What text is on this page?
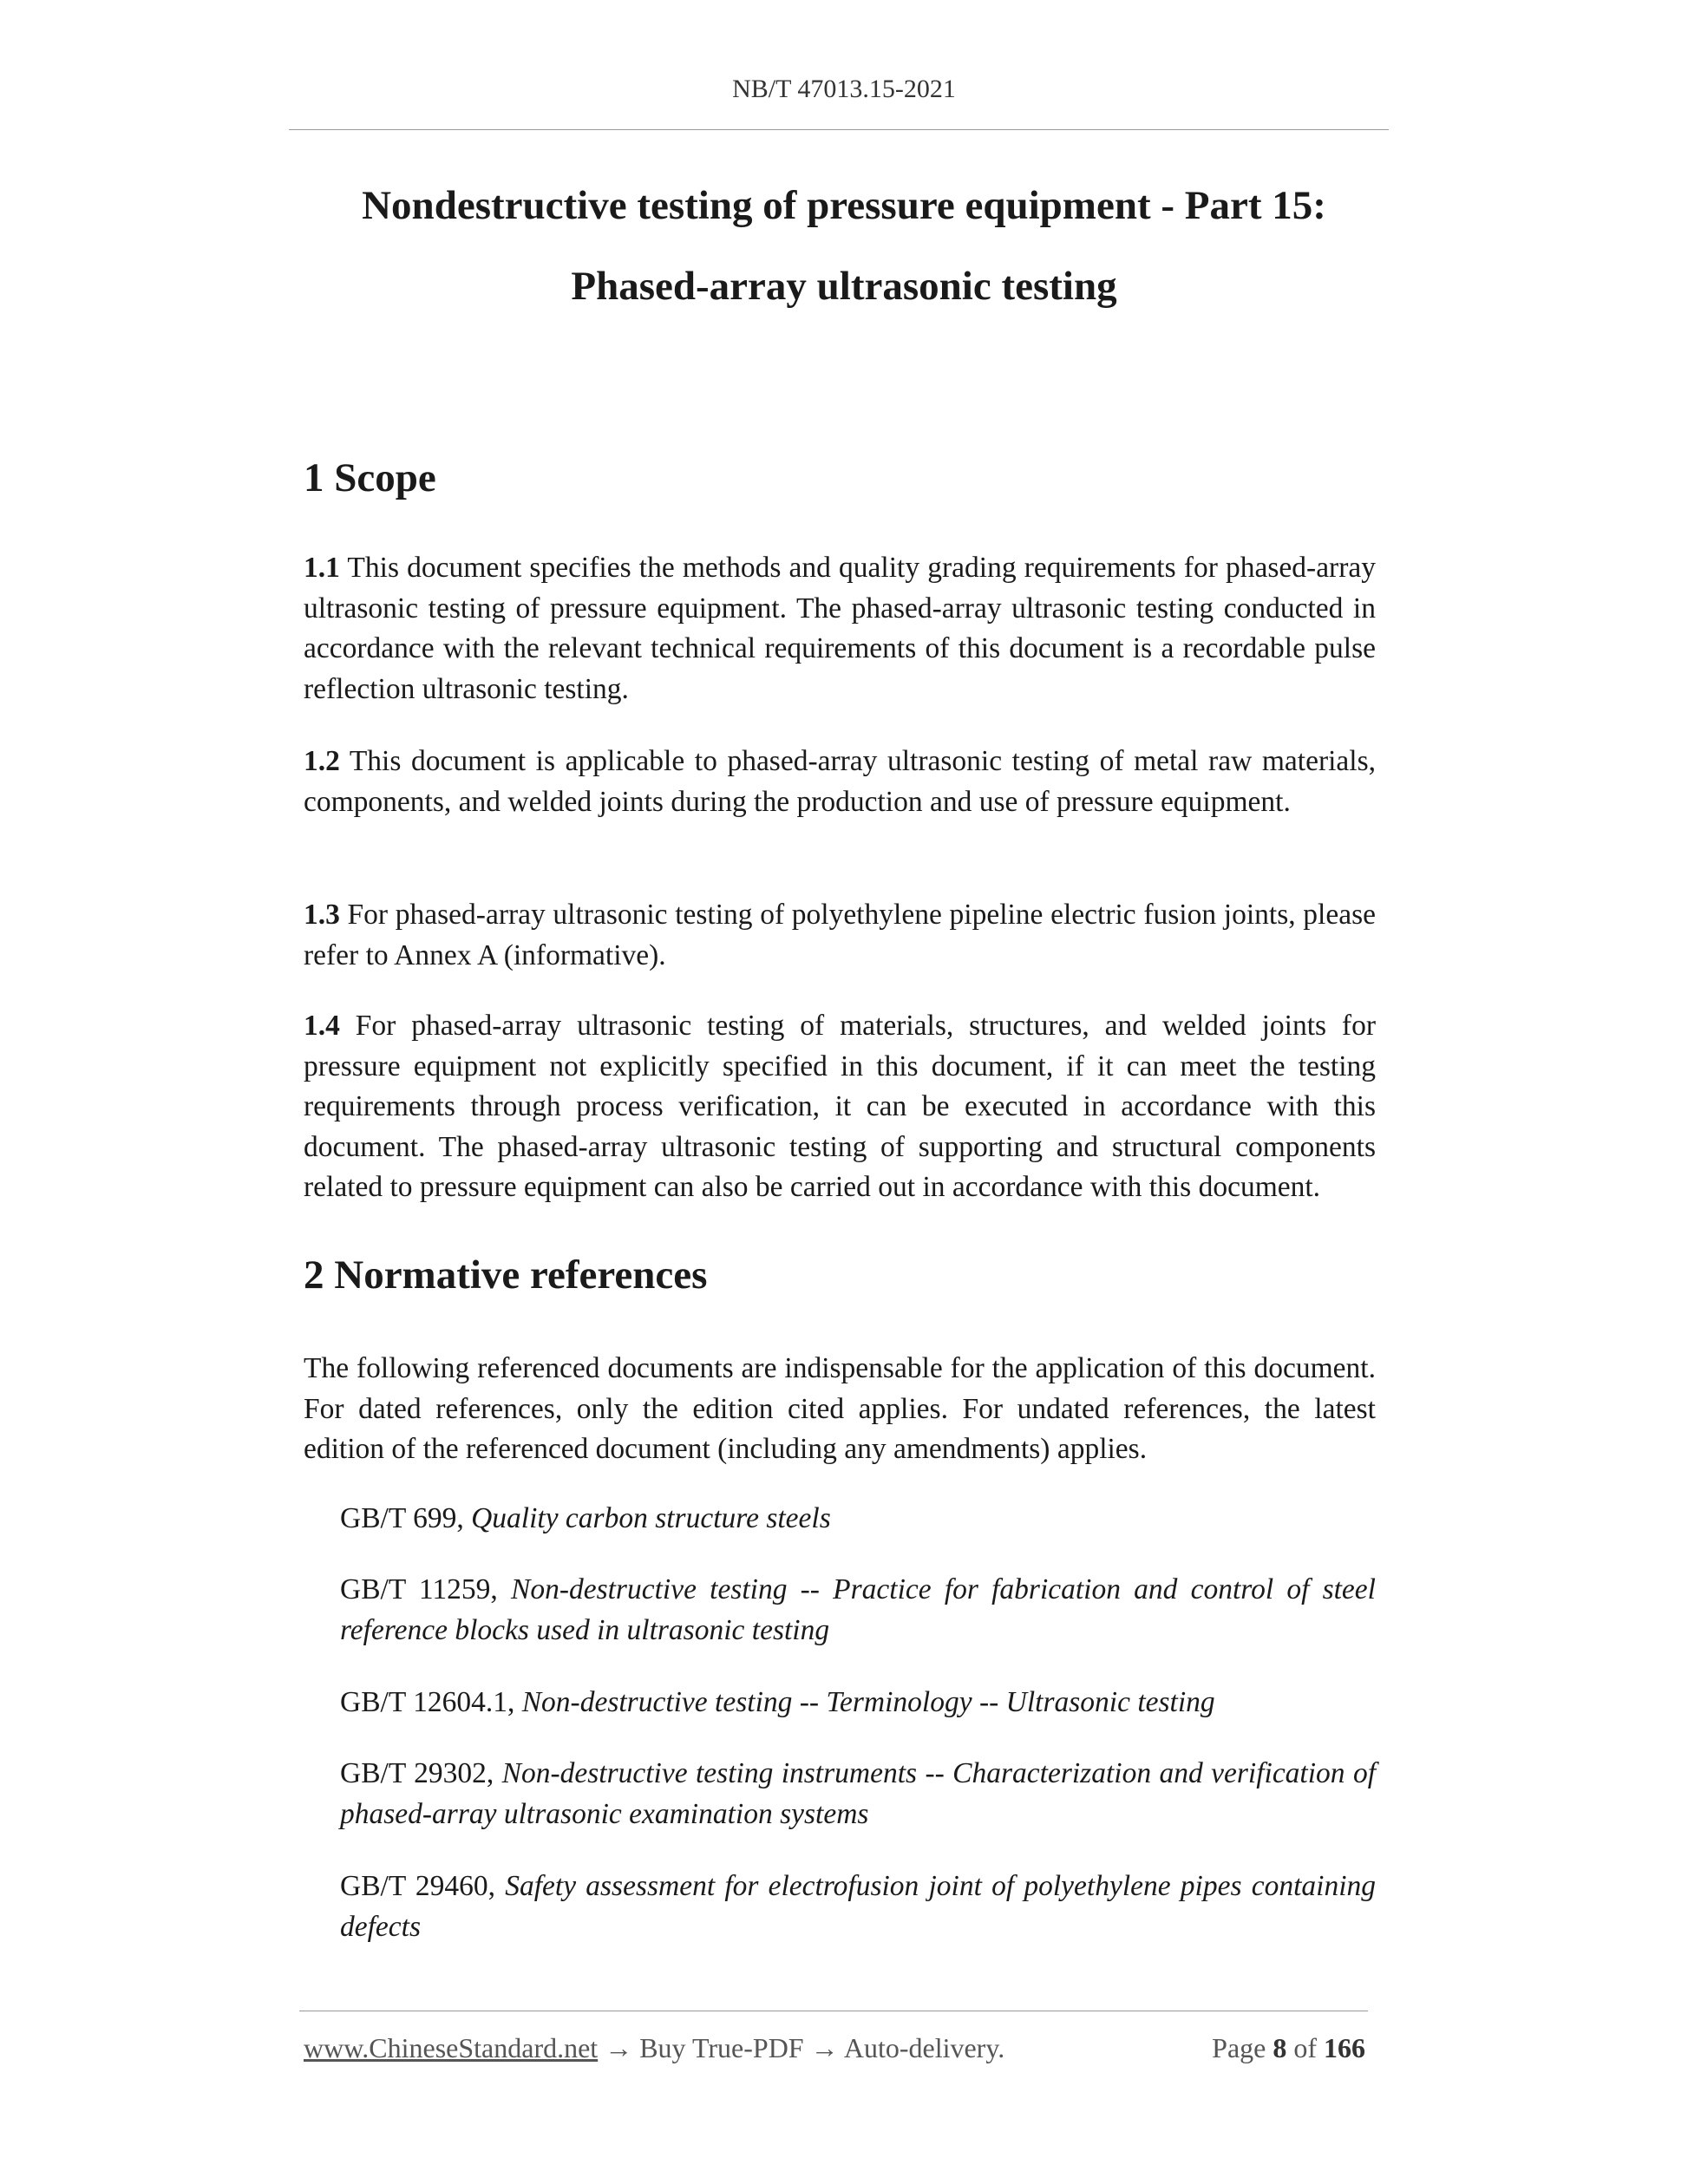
NB/T 47013.15-2021
Nondestructive testing of pressure equipment - Part 15:
Phased-array ultrasonic testing
1 Scope
1.1 This document specifies the methods and quality grading requirements for phased-array ultrasonic testing of pressure equipment. The phased-array ultrasonic testing conducted in accordance with the relevant technical requirements of this document is a recordable pulse reflection ultrasonic testing.
1.2 This document is applicable to phased-array ultrasonic testing of metal raw materials, components, and welded joints during the production and use of pressure equipment.
1.3 For phased-array ultrasonic testing of polyethylene pipeline electric fusion joints, please refer to Annex A (informative).
1.4 For phased-array ultrasonic testing of materials, structures, and welded joints for pressure equipment not explicitly specified in this document, if it can meet the testing requirements through process verification, it can be executed in accordance with this document. The phased-array ultrasonic testing of supporting and structural components related to pressure equipment can also be carried out in accordance with this document.
2 Normative references
The following referenced documents are indispensable for the application of this document. For dated references, only the edition cited applies. For undated references, the latest edition of the referenced document (including any amendments) applies.
GB/T 699, Quality carbon structure steels
GB/T 11259, Non-destructive testing -- Practice for fabrication and control of steel reference blocks used in ultrasonic testing
GB/T 12604.1, Non-destructive testing -- Terminology -- Ultrasonic testing
GB/T 29302, Non-destructive testing instruments -- Characterization and verification of phased-array ultrasonic examination systems
GB/T 29460, Safety assessment for electrofusion joint of polyethylene pipes containing defects
www.ChineseStandard.net → Buy True-PDF → Auto-delivery.	Page 8 of 166
